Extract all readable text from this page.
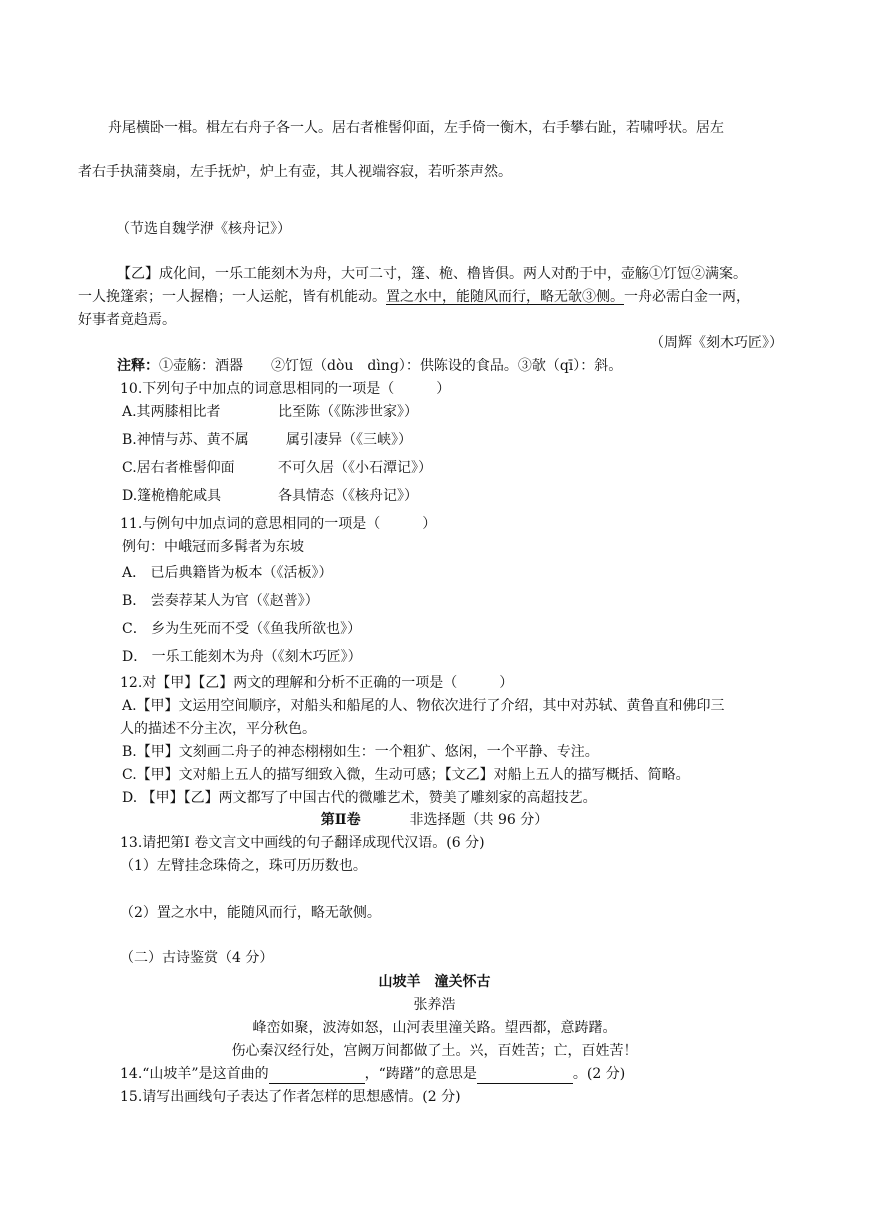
舟尾横卧一楫。楫左右舟子各一人。居右者椎髻仰面，左手倚一衡木，右手攀右趾，若啸呼状。居左
者右手执蒲葵扇，左手抚炉，炉上有壶，其人视端容寂，若听茶声然。
（节选自魏学洢《核舟记》）
【乙】成化间，一乐工能刻木为舟，大可二寸，篷、桅、橹皆俱。两人对酌于中，壶觞①饤饾②满案。
一人挽篷索；一人握橹；一人运舵，皆有机能动。置之水中，能随风而行，略无欹③侧。一舟必需白金一两，
好事者竟趋焉。
（周辉《刻木巧匠》）
注释：①壶觞：酒器　　②饤饾（dòu　dìng）：供陈设的食品。③欹（qī）：斜。
10.下列句子中加点的词意思相同的一项是（　　　）
A.其两膝相比者	比至陈（《陈涉世家》）
B.神情与苏、黄不属	属引凄异（《三峡》）
C.居右者椎髻仰面	不可久居（《小石潭记》）
D.篷桅橹舵咸具	各具情态（《核舟记》）
11.与例句中加点词的意思相同的一项是（　　　）
例句：中峨冠而多髯者为东坡
A． 已后典籍皆为板本（《活板》）
B． 尝奏荐某人为官（《赵普》）
C． 乡为生死而不受（《鱼我所欲也》）
D． 一乐工能刻木为舟（《刻木巧匠》）
12.对【甲】【乙】两文的理解和分析不正确的一项是（　　　）
A.【甲】文运用空间顺序，对船头和船尾的人、物依次进行了介绍，其中对苏轼、黄鲁直和佛印三
人的描述不分主次，平分秋色。
B.【甲】文刻画二舟子的神态栩栩如生：一个粗犷、悠闲，一个平静、专注。
C.【甲】文对船上五人的描写细致入微，生动可感；【文乙】对船上五人的描写概括、简略。
D. 【甲】【乙】两文都写了中国古代的微雕艺术，赞美了雕刻家的高超技艺。
第Ⅱ卷	非选择题（共 96 分）
13.请把第Ⅰ 卷文言文中画线的句子翻译成现代汉语。(6 分)
（1）左臂挂念珠倚之，珠可历历数也。
（2）置之水中，能随风而行，略无欹侧。
（二）古诗鉴赏（4 分）
山坡羊　潼关怀古
张养浩
峰峦如聚，波涛如怒，山河表里潼关路。望西都，意踌躇。
伤心秦汉经行处，宫阙万间都做了土。兴，百姓苦；亡，百姓苦！
14.“山坡羊”是这首曲的	，“踌躇”的意思是	。(2 分)
15.请写出画线句子表达了作者怎样的思想感情。(2 分)
